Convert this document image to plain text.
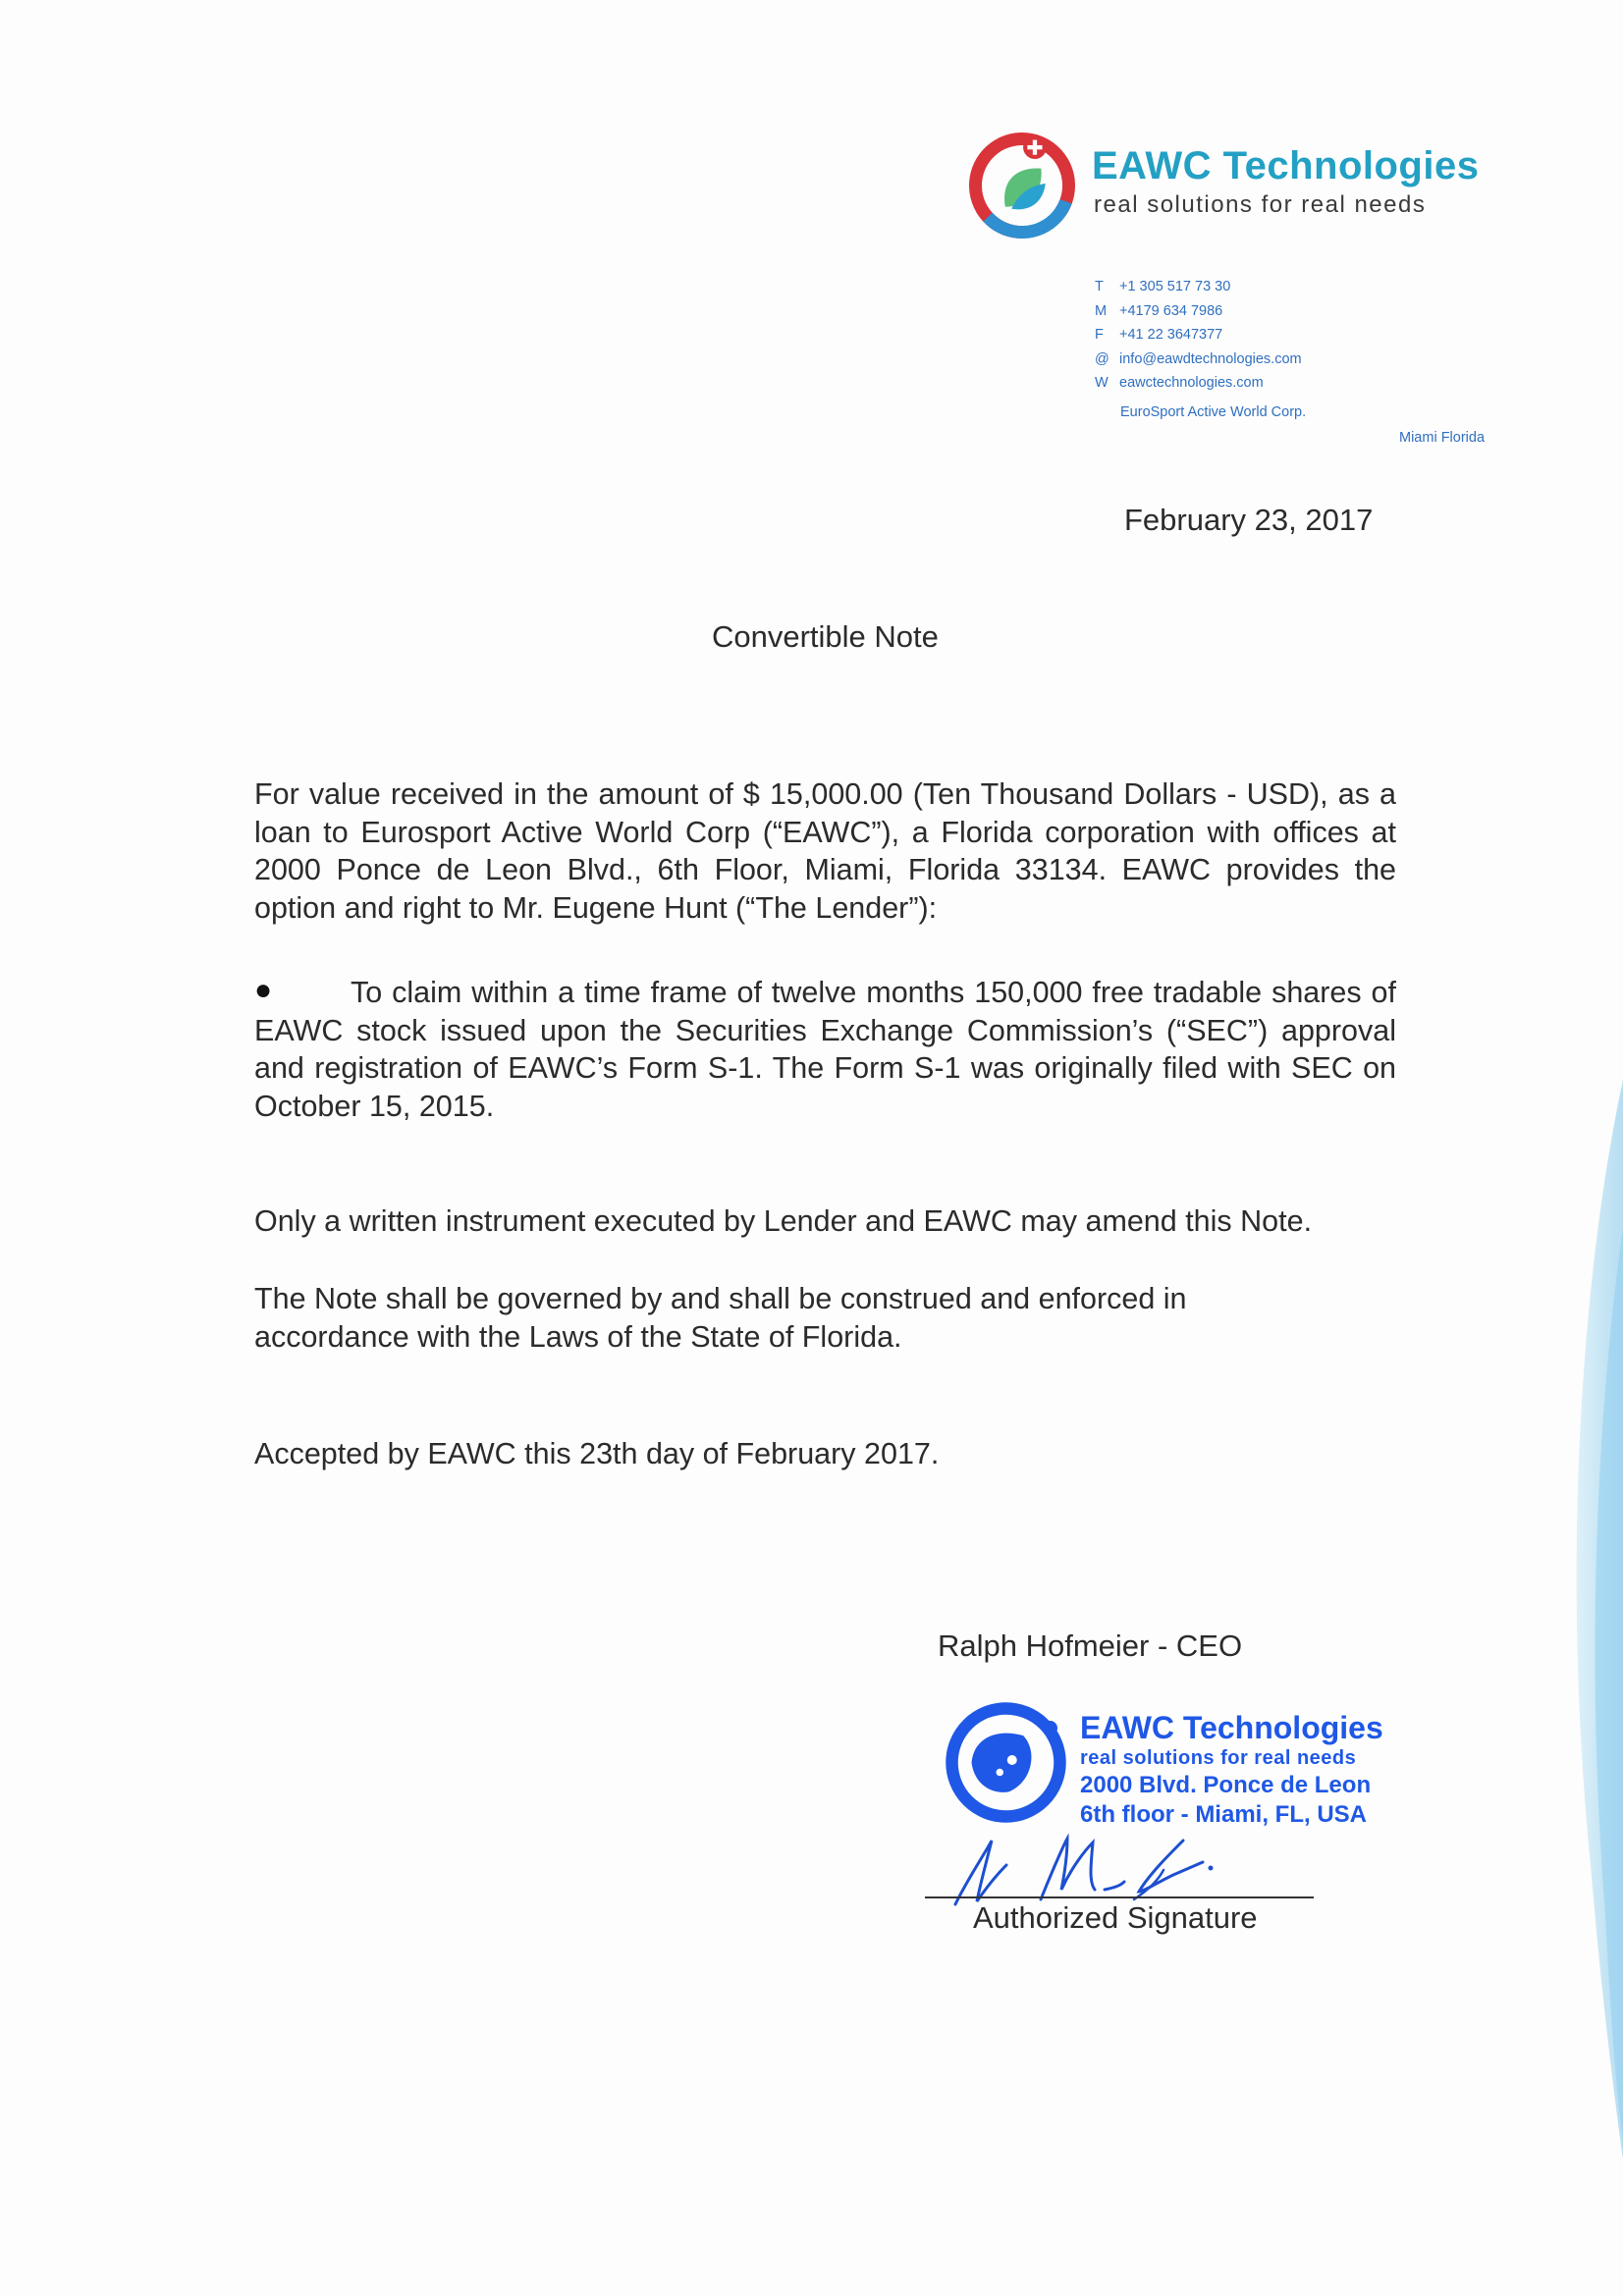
EAWC Technologies
real solutions for real needs
T +1 305 517 73 30
M +4179 634 7986
F +41 22 3647377
@ info@eawdtechnologies.com
W eawctechnologies.com
EuroSport Active World Corp.
Miami Florida
February 23, 2017
Convertible Note
For value received in the amount of $ 15,000.00 (Ten Thousand Dollars - USD), as a loan to Eurosport Active World Corp (“EAWC”), a Florida corporation with offices at 2000 Ponce de Leon Blvd., 6th Floor, Miami, Florida 33134. EAWC provides the option and right to Mr. Eugene Hunt (“The Lender”):
●	To claim within a time frame of twelve months 150,000 free tradable shares of EAWC stock issued upon the Securities Exchange Commission’s (“SEC”) approval and registration of EAWC’s Form S-1. The Form S-1 was originally filed with SEC on October 15, 2015.
Only a written instrument executed by Lender and EAWC may amend this Note.
The Note shall be governed by and shall be construed and enforced in accordance with the Laws of the State of Florida.
Accepted by EAWC this 23th day of February 2017.
Ralph Hofmeier - CEO
EAWC Technologies
real solutions for real needs
2000 Blvd. Ponce de Leon
6th floor - Miami, FL, USA
Authorized Signature
